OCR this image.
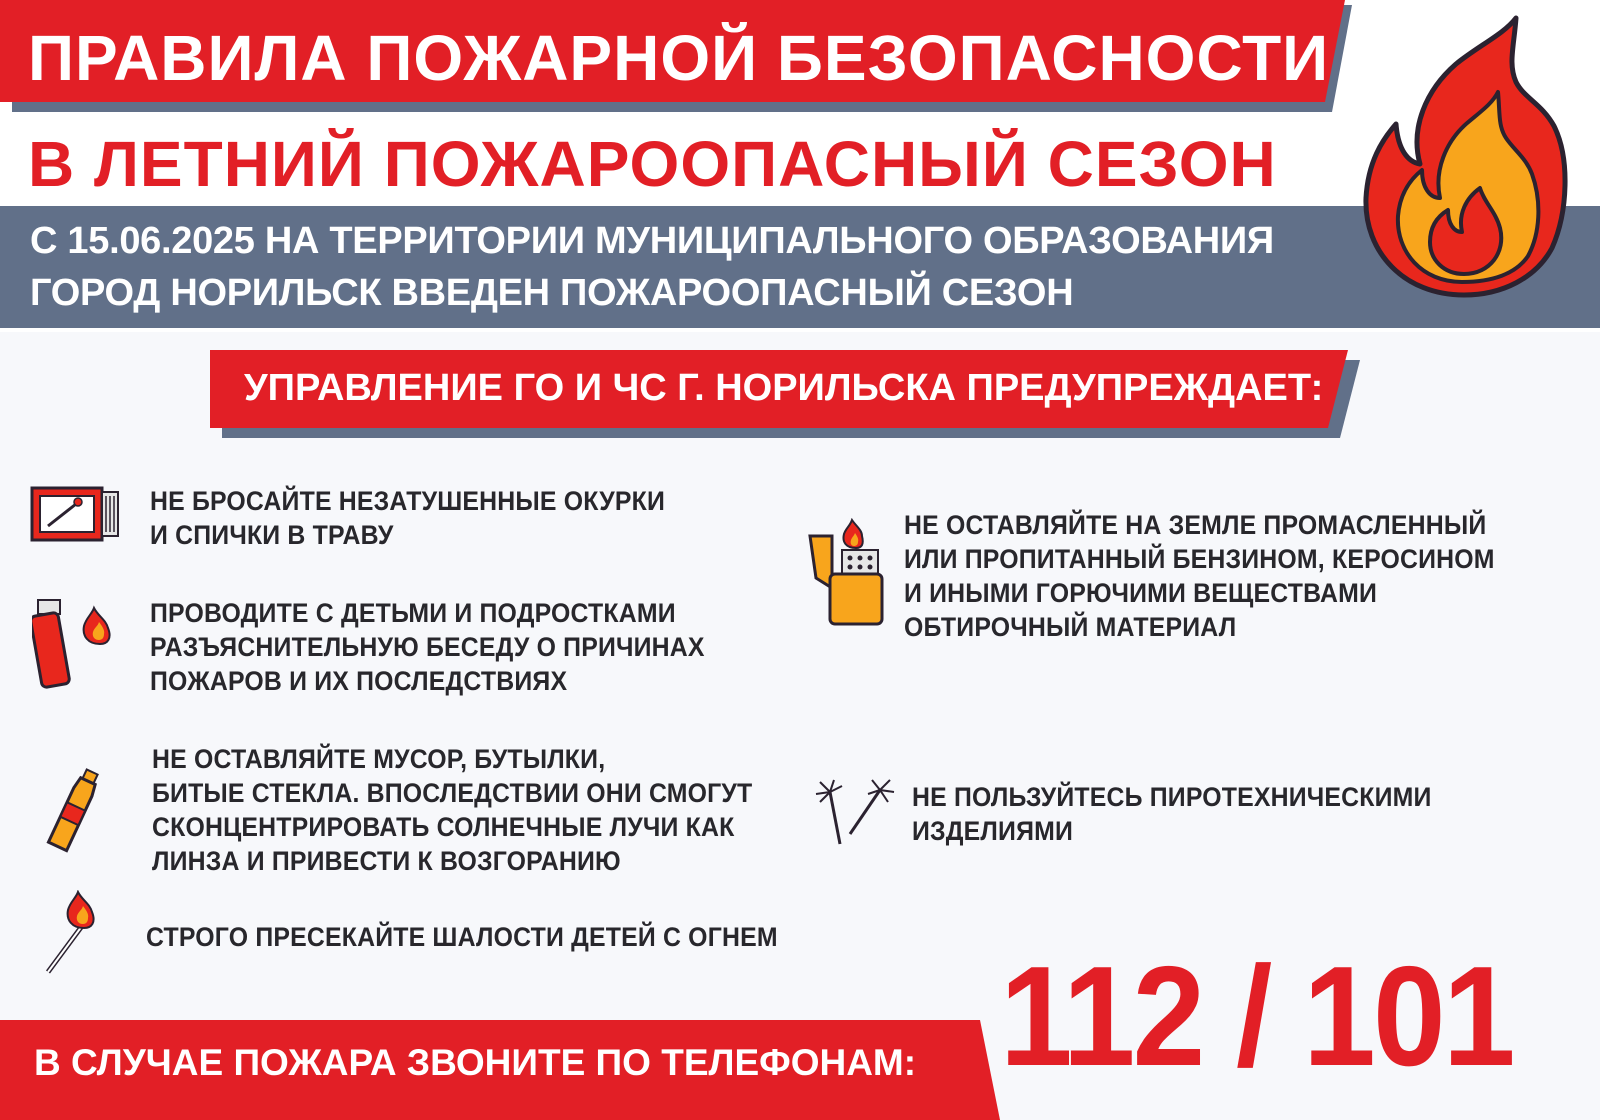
ПРАВИЛА ПОЖАРНОЙ БЕЗОПАСНОСТИ
В ЛЕТНИЙ ПОЖАРООПАСНЫЙ СЕЗОН
С 15.06.2025 НА ТЕРРИТОРИИ МУНИЦИПАЛЬНОГО ОБРАЗОВАНИЯ
ГОРОД НОРИЛЬСК ВВЕДЕН ПОЖАРООПАСНЫЙ СЕЗОН
УПРАВЛЕНИЕ ГО И ЧС Г. НОРИЛЬСКА ПРЕДУПРЕЖДАЕТ:
НЕ БРОСАЙТЕ НЕЗАТУШЕННЫЕ ОКУРКИ
И СПИЧКИ В ТРАВУ
ПРОВОДИТЕ С ДЕТЬМИ И ПОДРОСТКАМИ
РАЗЪЯСНИТЕЛЬНУЮ БЕСЕДУ О ПРИЧИНАХ
ПОЖАРОВ И ИХ ПОСЛЕДСТВИЯХ
НЕ ОСТАВЛЯЙТЕ МУСОР, БУТЫЛКИ,
БИТЫЕ СТЕКЛА. ВПОСЛЕДСТВИИ ОНИ СМОГУТ
СКОНЦЕНТРИРОВАТЬ СОЛНЕЧНЫЕ ЛУЧИ КАК
ЛИНЗА И ПРИВЕСТИ К ВОЗГОРАНИЮ
СТРОГО ПРЕСЕКАЙТЕ ШАЛОСТИ ДЕТЕЙ С ОГНЕМ
НЕ ОСТАВЛЯЙТЕ НА ЗЕМЛЕ ПРОМАСЛЕННЫЙ
ИЛИ ПРОПИТАННЫЙ БЕНЗИНОМ, КЕРОСИНОМ
И ИНЫМИ ГОРЮЧИМИ ВЕЩЕСТВАМИ
ОБТИРОЧНЫЙ МАТЕРИАЛ
НЕ ПОЛЬЗУЙТЕСЬ ПИРОТЕХНИЧЕСКИМИ
ИЗДЕЛИЯМИ
В СЛУЧАЕ ПОЖАРА ЗВОНИТЕ ПО ТЕЛЕФОНАМ: 112 / 101
